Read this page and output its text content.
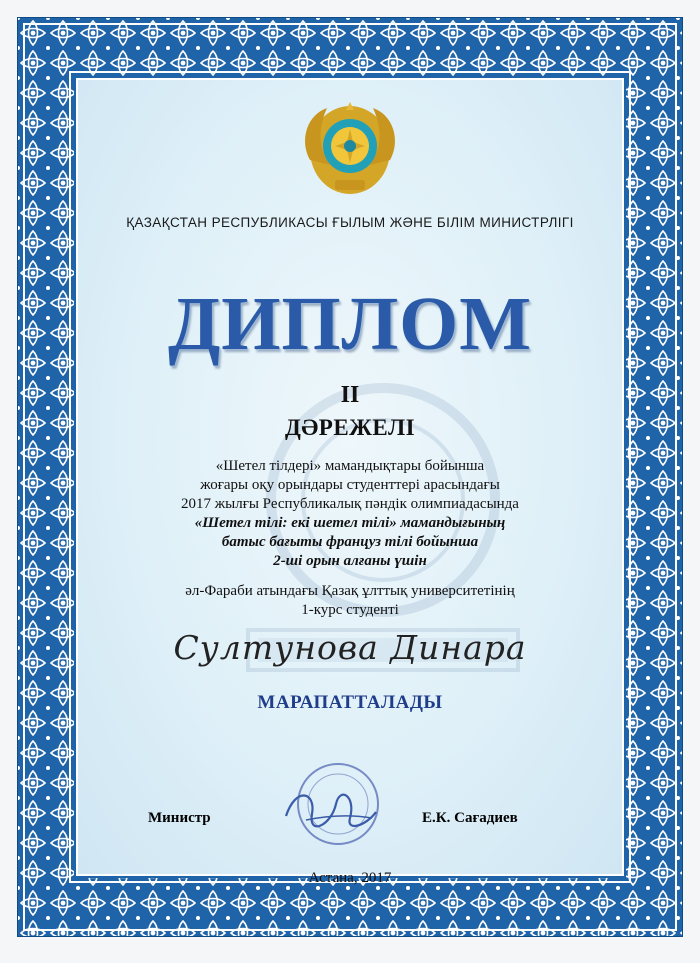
ҚАЗАҚСТАН РЕСПУБЛИКАСЫ ҒЫЛЫМ ЖӘНЕ БІЛІМ МИНИСТРЛІГІ
ДИПЛОМ
II
ДӘРЕЖЕЛІ
«Шетел тілдері» мамандықтары бойынша
жоғары оқу орындары студенттері арасындағы
2017 жылғы Республикалық пәндік олимпиадасында
«Шетел тілі: екі шетел тілі» мамандығының
батыс бағыты француз тілі бойынша
2-ші орын алғаны үшін
әл-Фараби атындағы Қазақ ұлттық университетінің
1-курс студенті
Султунова Динара
МАРАПАТТАЛАДЫ
Министр	Е.К. Сағадиев
Астана, 2017
